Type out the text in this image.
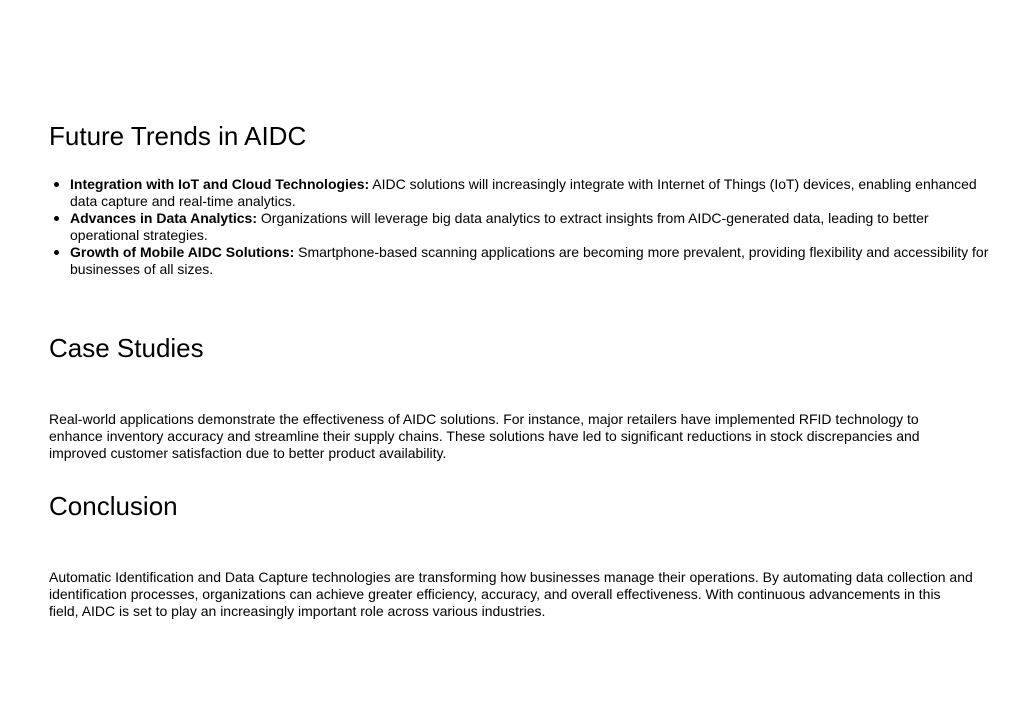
Future Trends in AIDC
Integration with IoT and Cloud Technologies: AIDC solutions will increasingly integrate with Internet of Things (IoT) devices, enabling enhanced data capture and real-time analytics.
Advances in Data Analytics: Organizations will leverage big data analytics to extract insights from AIDC-generated data, leading to better operational strategies.
Growth of Mobile AIDC Solutions: Smartphone-based scanning applications are becoming more prevalent, providing flexibility and accessibility for businesses of all sizes.
Case Studies

Real-world applications demonstrate the effectiveness of AIDC solutions. For instance, major retailers have implemented RFID technology to enhance inventory accuracy and streamline their supply chains. These solutions have led to significant reductions in stock discrepancies and improved customer satisfaction due to better product availability.

Conclusion

Automatic Identification and Data Capture technologies are transforming how businesses manage their operations. By automating data collection and identification processes, organizations can achieve greater efficiency, accuracy, and overall effectiveness. With continuous advancements in this field, AIDC is set to play an increasingly important role across various industries.
